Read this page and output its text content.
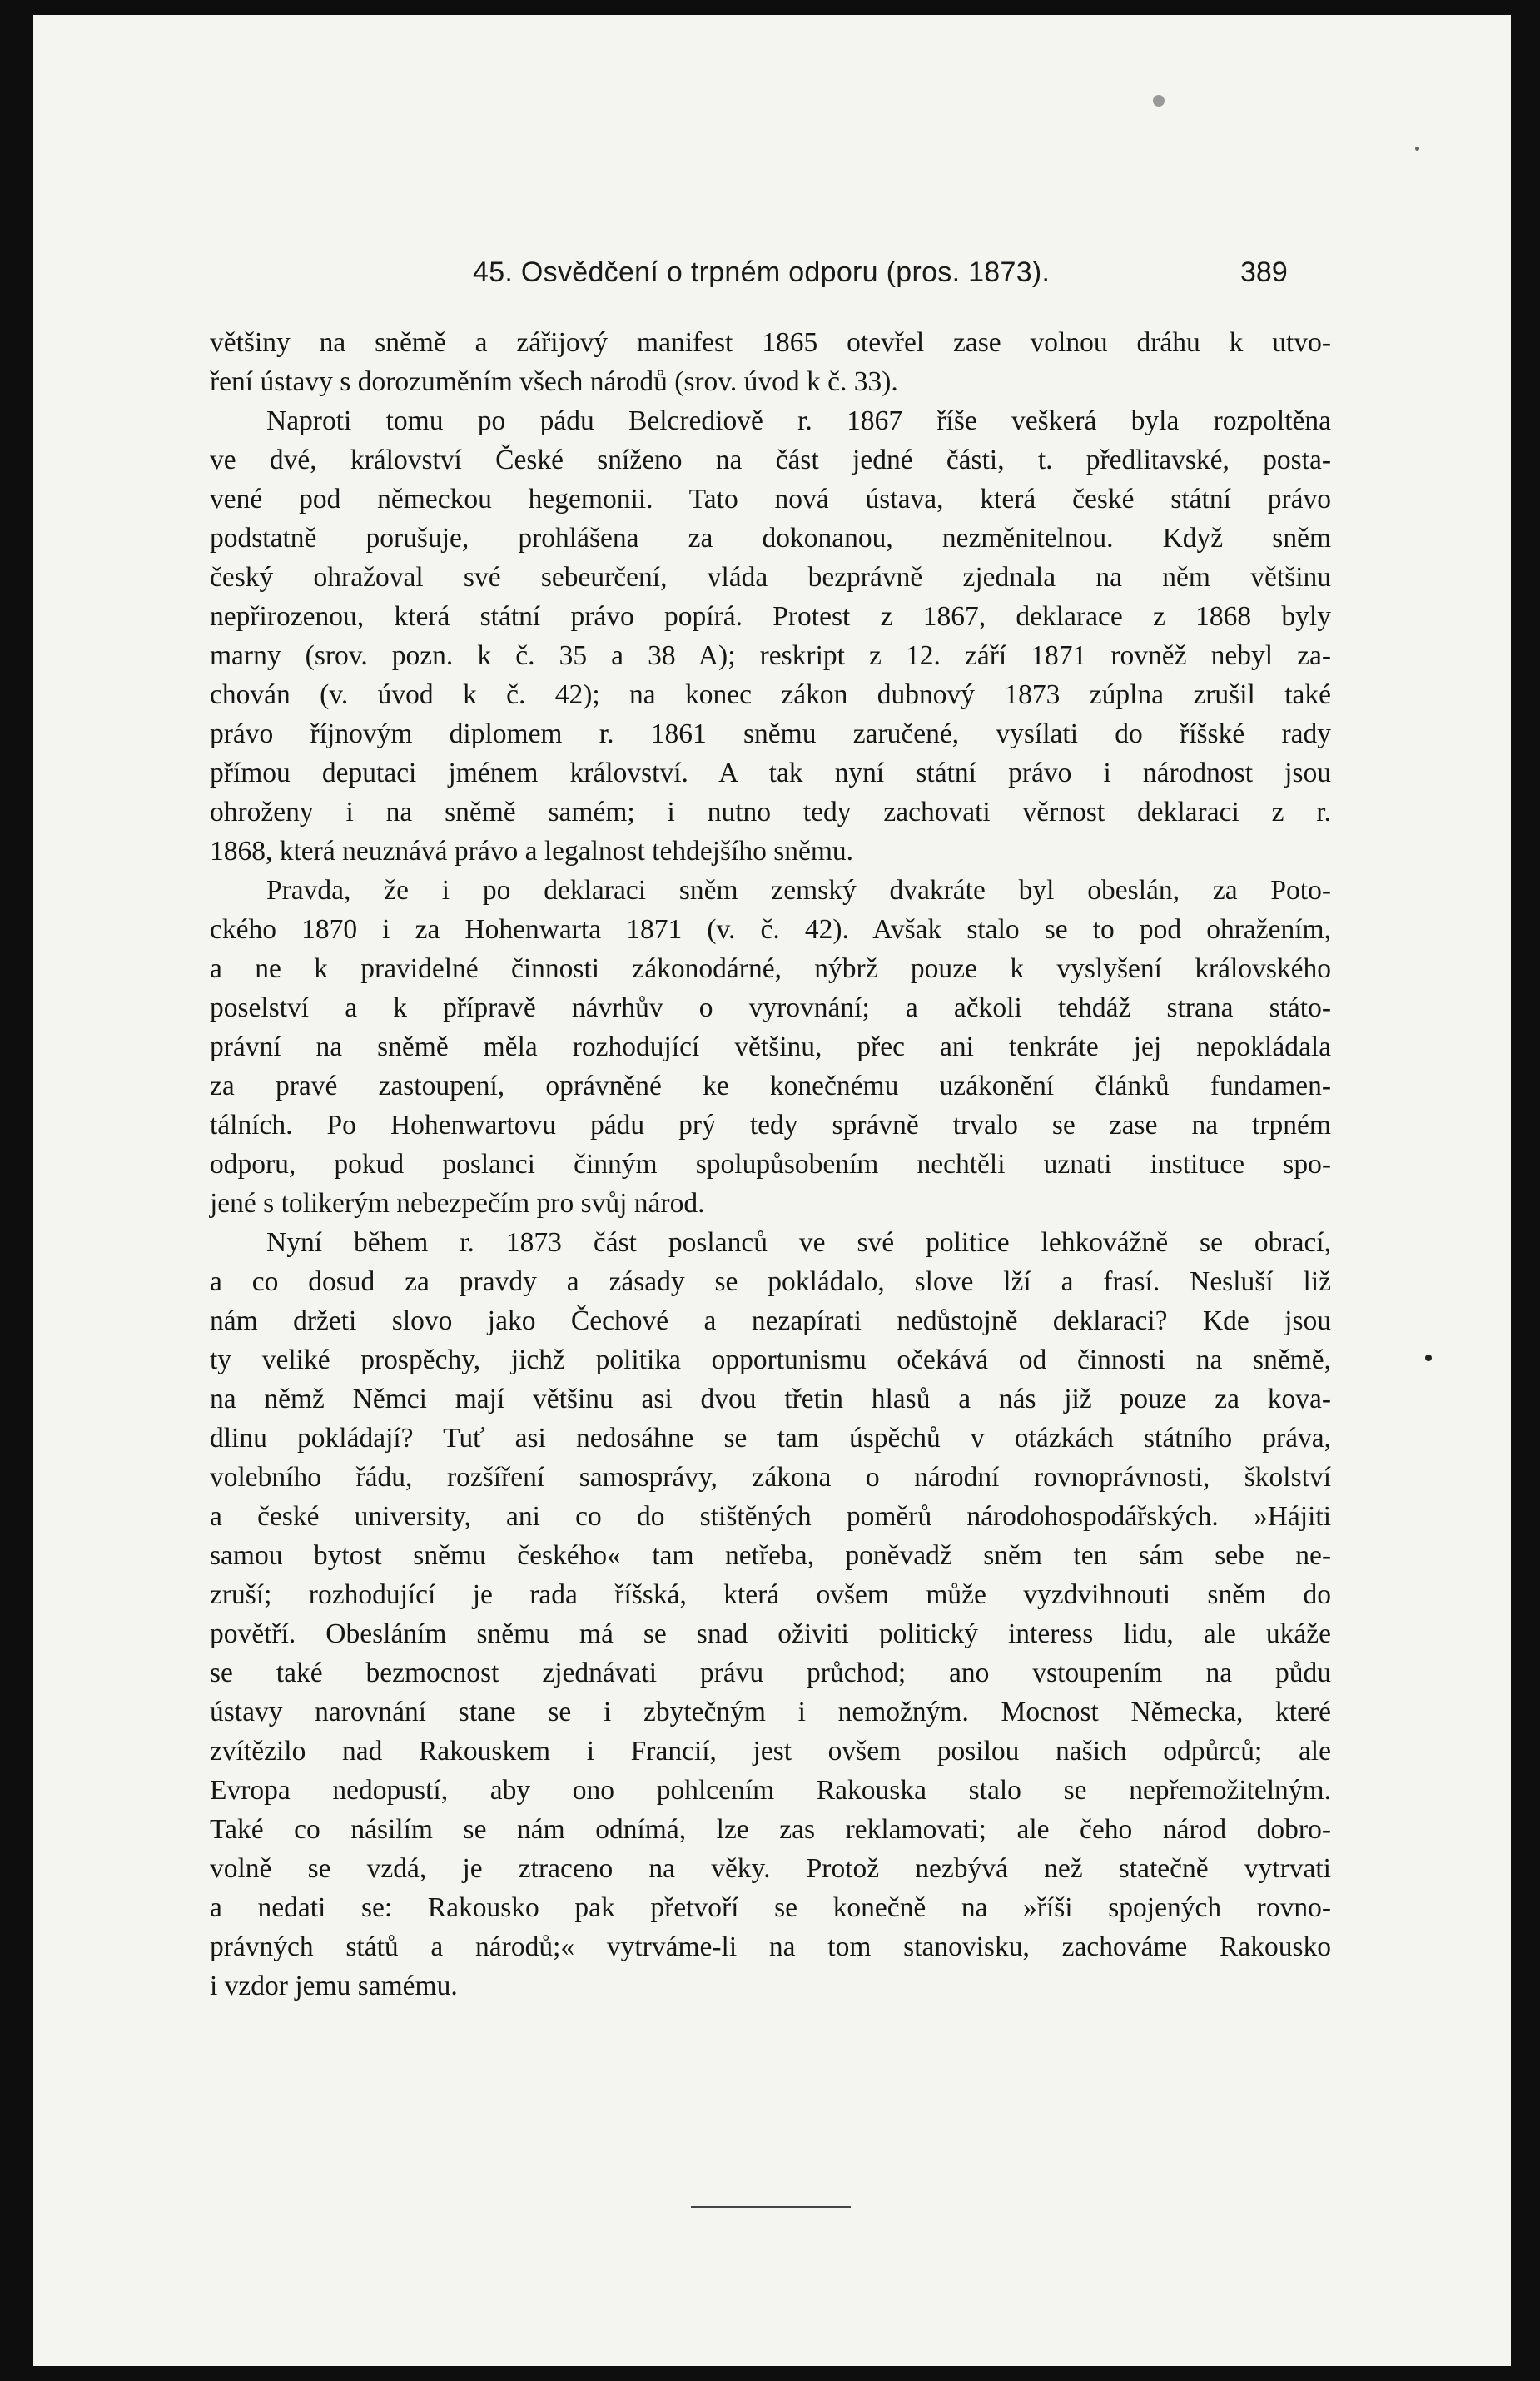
45. Osvědčení o trpném odporu (pros. 1873).	389

většiny na sněmě a zářijový manifest 1865 otevřel zase volnou dráhu k utvo-
ření ústavy s dorozuměním všech národů (srov. úvod k č. 33).

Naproti tomu po pádu Belcrediově r. 1867 říše veškerá byla rozpoltěna
ve dvé, království České sníženo na část jedné části, t. předlitavské, posta-
vené pod německou hegemonii. Tato nová ústava, která české státní právo
podstatně porušuje, prohlášena za dokonanou, nezměnitelnou. Když sněm
český ohražoval své sebeurčení, vláda bezprávně zjednala na něm většinu
nepřirozenou, která státní právo popírá. Protest z 1867, deklarace z 1868 byly
marny (srov. pozn. k č. 35 a 38 A); reskript z 12. září 1871 rovněž nebyl za-
chován (v. úvod k č. 42); na konec zákon dubnový 1873 zúplna zrušil také
právo říjnovým diplomem r. 1861 sněmu zaručené, vysílati do říšské rady
přímou deputaci jménem království. A tak nyní státní právo i národnost jsou
ohroženy i na sněmě samém; i nutno tedy zachovati věrnost deklaraci z r.
1868, která neuznává právo a legalnost tehdejšího sněmu.

Pravda, že i po deklaraci sněm zemský dvakráte byl obeslán, za Poto-
ckého 1870 i za Hohenwarta 1871 (v. č. 42). Avšak stalo se to pod ohražením,
a ne k pravidelné činnosti zákonodárné, nýbrž pouze k vyslyšení královského
poselství a k přípravě návrhův o vyrovnání; a ačkoli tehdáž strana státo-
právní na sněmě měla rozhodující většinu, přec ani tenkráte jej nepokládala
za pravé zastoupení, oprávněné ke konečnému uzákonění článků fundamen-
tálních. Po Hohenwartovu pádu prý tedy správně trvalo se zase na trpném
odporu, pokud poslanci činným spolupůsobením nechtěli uznati instituce spo-
jené s tolikerým nebezpečím pro svůj národ.

Nyní během r. 1873 část poslanců ve své politice lehkovážně se obrací,
a co dosud za pravdy a zásady se pokládalo, slove lží a frasí. Nesluší liž
nám držeti slovo jako Čechové a nezapírati nedůstojně deklaraci? Kde jsou
ty veliké prospěchy, jichž politika opportunismu očekává od činnosti na sněmě,
na němž Němci mají většinu asi dvou třetin hlasů a nás již pouze za kova-
dlinu pokládají? Tuť asi nedosáhne se tam úspěchů v otázkách státního práva,
volebního řádu, rozšíření samosprávy, zákona o národní rovnoprávnosti, školství
a české university, ani co do stištěných poměrů národohospodářských. »Hájiti
samou bytost sněmu českého« tam netřeba, poněvadž sněm ten sám sebe ne-
zruší; rozhodující je rada říšská, která ovšem může vyzdvihnouti sněm do
povětří. Obesláním sněmu má se snad oživiti politický interess lidu, ale ukáže
se také bezmocnost zjednávati právu průchod; ano vstoupením na půdu
ústavy narovnání stane se i zbytečným i nemožným. Mocnost Německa, které
zvítězilo nad Rakouskem i Francií, jest ovšem posilou našich odpůrců; ale
Evropa nedopustí, aby ono pohlcením Rakouska stalo se nepřemožitelným.
Také co násilím se nám odnímá, lze zas reklamovati; ale čeho národ dobro-
volně se vzdá, je ztraceno na věky. Protož nezbývá než statečně vytrvati
a nedati se: Rakousko pak přetvoří se konečně na »říši spojených rovno-
právných států a národů;« vytrváme-li na tom stanovisku, zachováme Rakousko
i vzdor jemu samému.
